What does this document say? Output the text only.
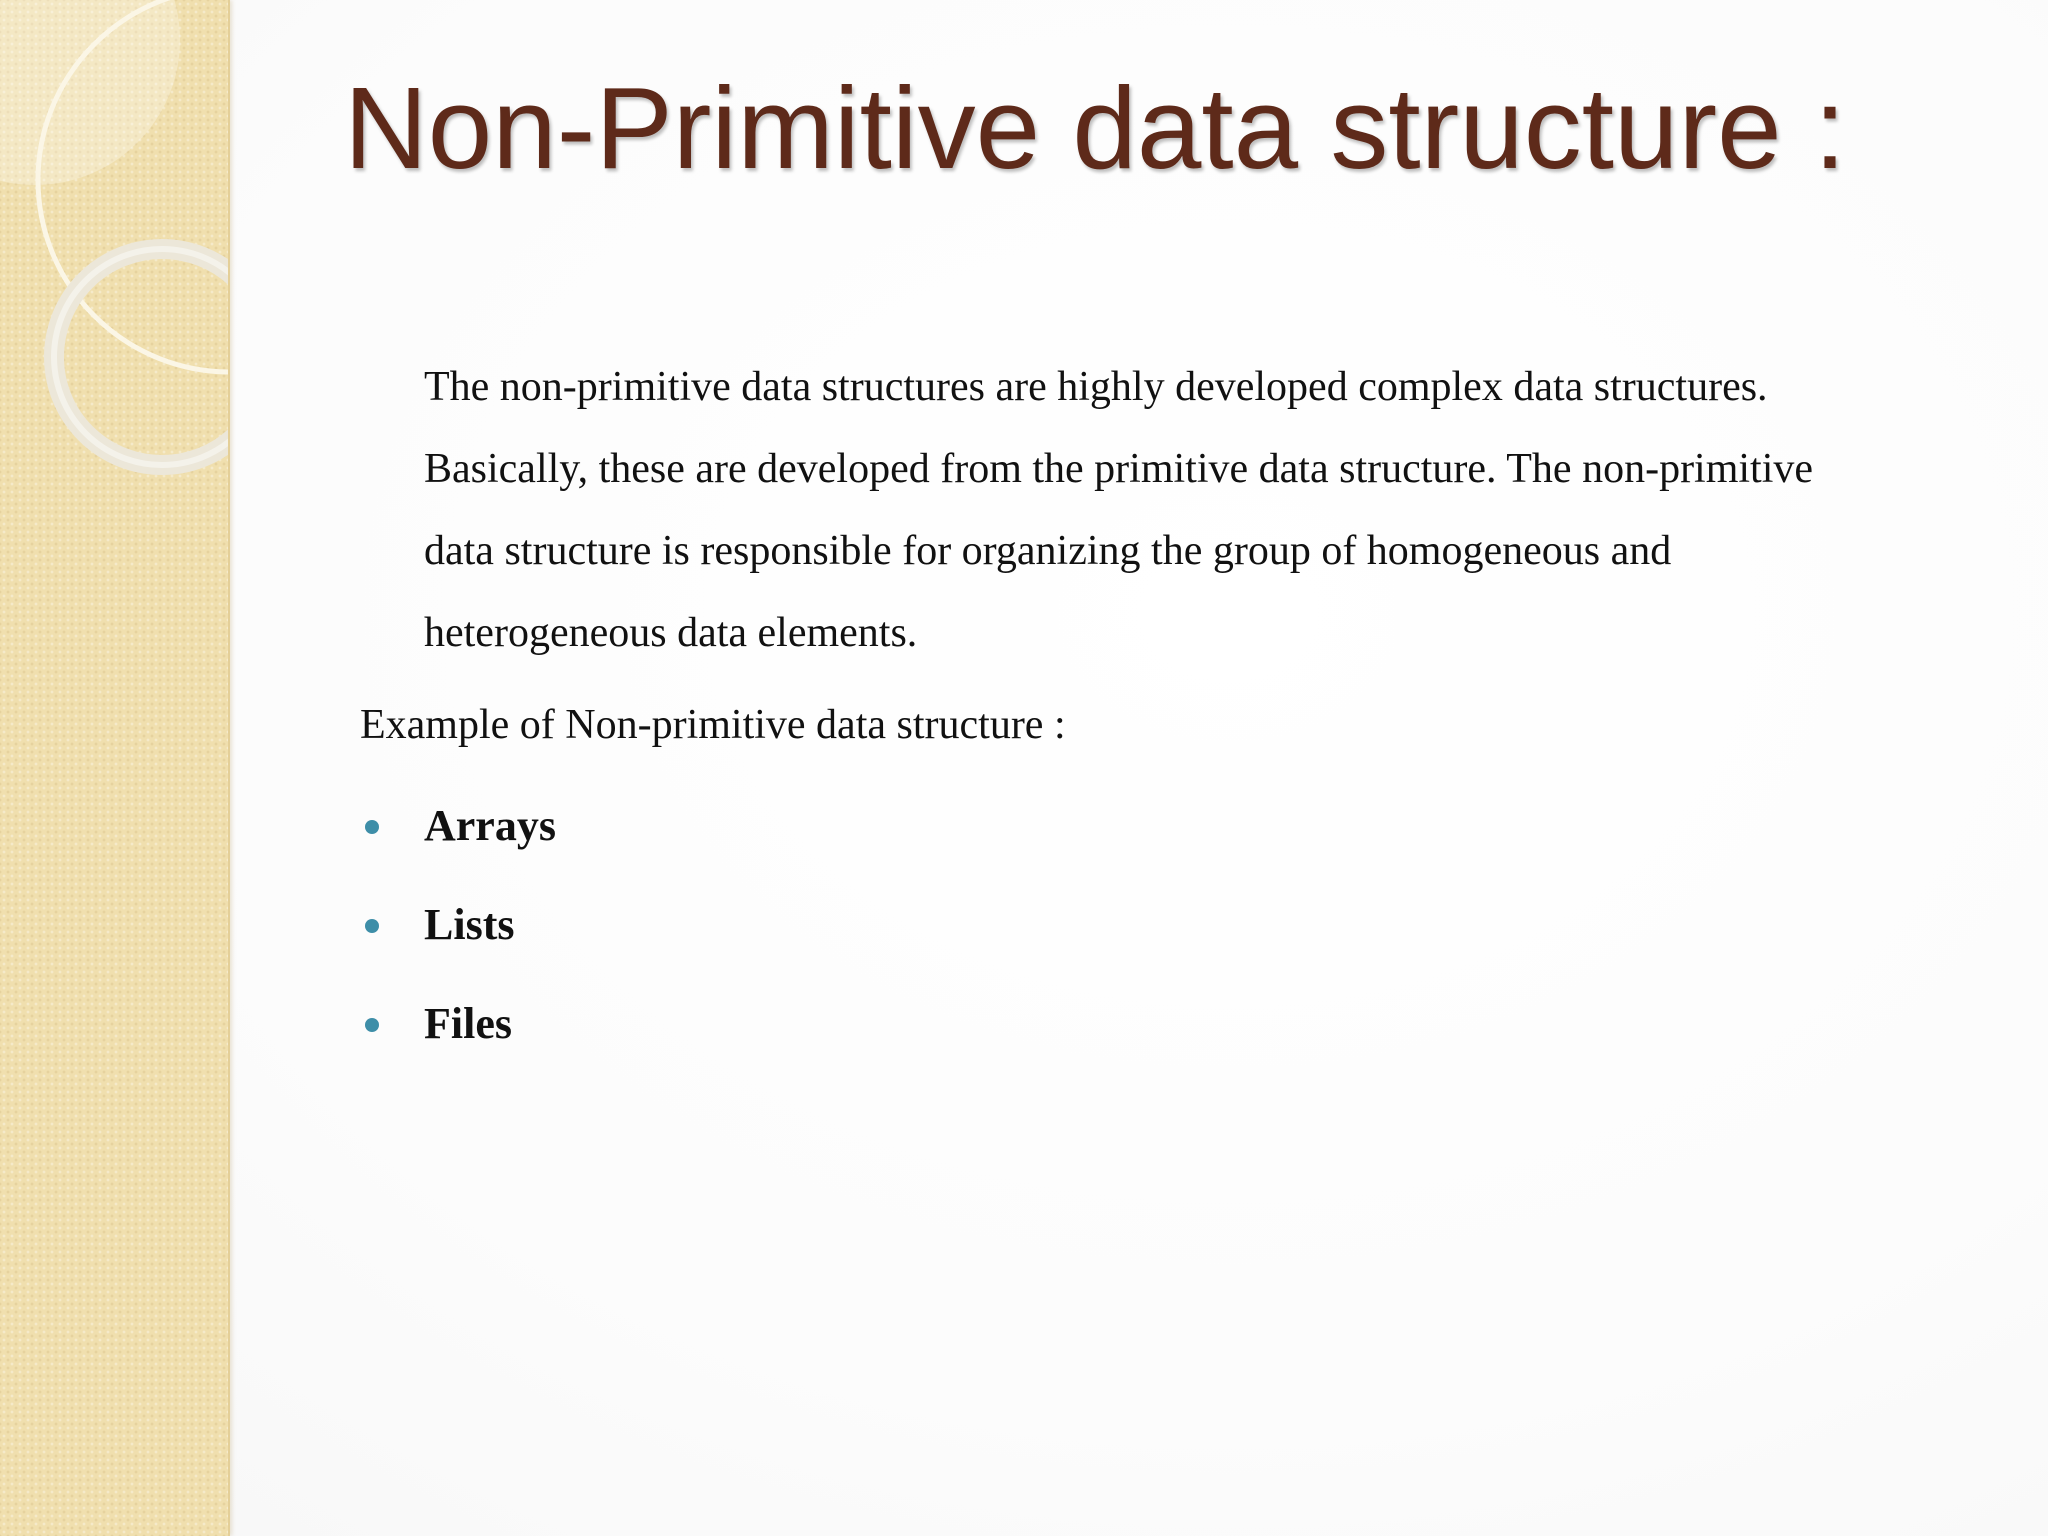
Non-Primitive data structure :

The non-primitive data structures are highly developed complex data structures.
Basically, these are developed from the primitive data structure. The non-primitive
data structure is responsible for organizing the group of homogeneous and
heterogeneous data elements.

Example of Non-primitive data structure :

Arrays
Lists
Files
